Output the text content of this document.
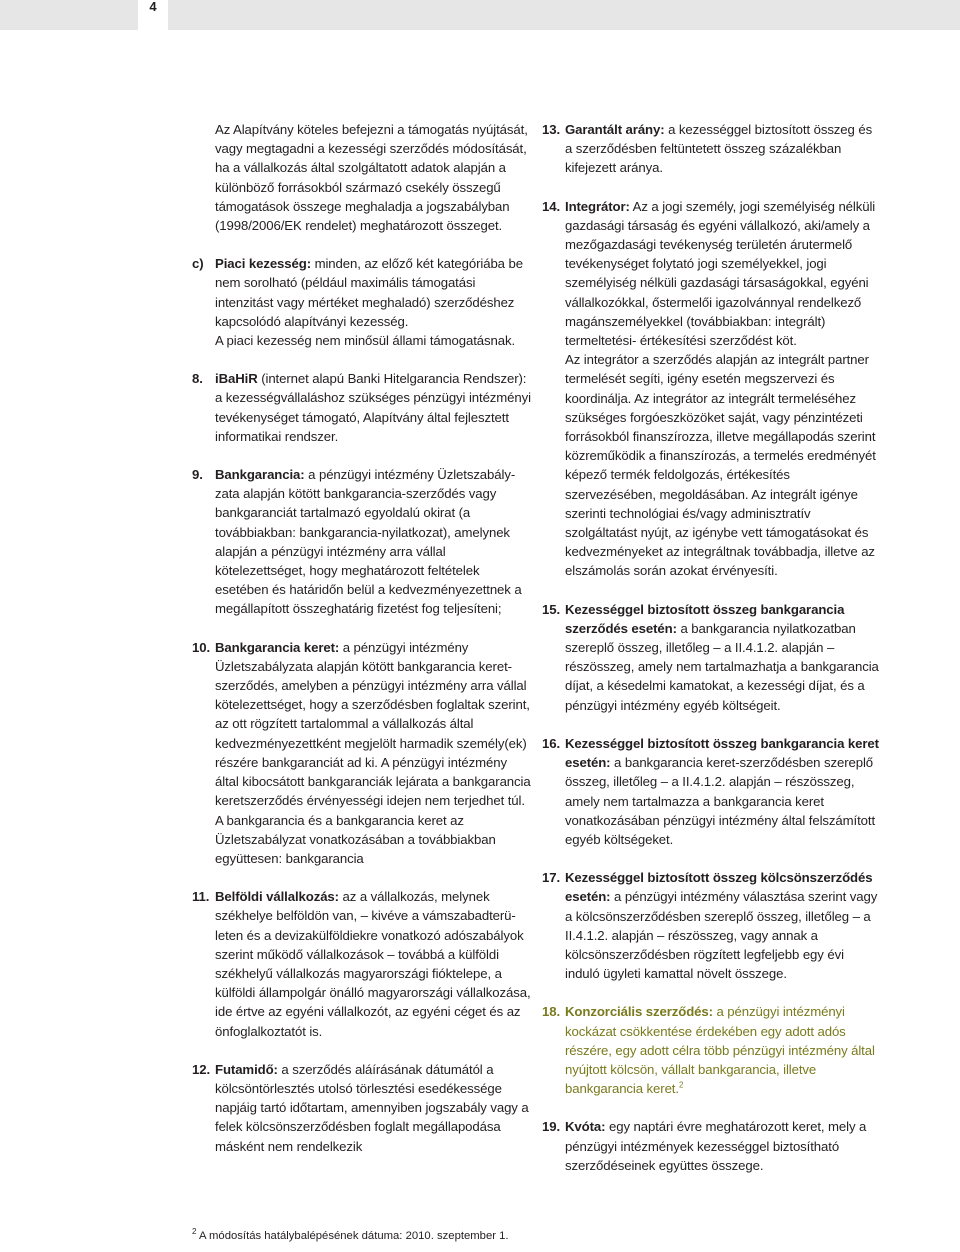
4

Az Alapítvány köteles befejezni a támogatás nyújtását, vagy megtagadni a kezességi szerződés módosítását, ha a vállalkozás által szolgáltatott adatok alapján a különböző forrásokból származó csekély összegű támogatások összege meghaladja a jogszabályban (1998/2006/EK rendelet) meghatározott összeget.

c) Piaci kezesség: minden, az előző két kategóriába be nem sorolható (például maximális támogatási intenzitást vagy mértéket meghaladó) szerződéshez kapcsolódó alapítványi kezesség.

A piaci kezesség nem minősül állami támogatásnak.

8. iBaHiR (internet alapú Banki Hitelgarancia Rendszer): a kezességvállaláshoz szükséges pénzügyi intézményi tevékenységet támogató, Alapítvány által fejlesztett informatikai rendszer.

9. Bankgarancia: a pénzügyi intézmény Üzletszabály-zata alapján kötött bankgarancia-szerződés vagy bankgaranciát tartalmazó egyoldalú okirat (a továbbiakban: bankgarancia-nyilatkozat), amelynek alapján a pénzügyi intézmény arra vállal kötelezettséget, hogy meghatározott feltételek esetében és határidőn belül a kedvezményezettnek a megállapított összeghatárig fizetést fog teljesíteni;

10. Bankgarancia keret: a pénzügyi intézmény Üzletszabályzata alapján kötött bankgarancia keret-szerződés, amelyben a pénzügyi intézmény arra vállal kötelezettséget, hogy a szerződésben foglaltak szerint, az ott rögzített tartalommal a vállalkozás által kedvezményezettként megjelölt harmadik személy(ek) részére bankgaranciát ad ki. A pénzügyi intézmény által kibocsátott bankgaranciák lejárata a bankgarancia keretszerződés érvényességi idejen nem terjedhet túl.

A bankgarancia és a bankgarancia keret az Üzletszabályzat vonatkozásában a továbbiakban együttesen: bankgarancia

11. Belföldi vállalkozás: az a vállalkozás, melynek székhelye belföldön van, – kivéve a vámszabadterü-leten és a devizakülföldiekre vonatkozó adószabályok szerint működő vállalkozások – továbbá a külföldi székhelyű vállalkozás magyarországi fióktelepe, a külföldi állampolgár önálló magyarországi vállalkozása, ide értve az egyéni vállalkozót, az egyéni céget és az önfoglalkoztatót is.

12. Futamidő: a szerződés aláírásának dátumától a kölcsöntörlesztés utolsó törlesztési esedékessége napjáig tartó időtartam, amennyiben jogszabály vagy a felek kölcsönszerződésben foglalt megállapodása másként nem rendelkezik

13. Garantált arány: a kezességgel biztosított összeg és a szerződésben feltüntetett összeg százalékban kifejezett aránya.

14. Integrátor: Az a jogi személy, jogi személyiség nélküli gazdasági társaság és egyéni vállalkozó, aki/amely a mezőgazdasági tevékenység területén árutermelő tevékenységet folytató jogi személyekkel, jogi személyiség nélküli gazdasági társaságokkal, egyéni vállalkozókkal, őstermelői igazolvánnyal rendelkező magánszemélyekkel (továbbiakban: integrált) termeltetési- értékesítési szerződést köt.

Az integrátor a szerződés alapján az integrált partner termelését segíti, igény esetén megszervezi és koordinálja. Az integrátor az integrált termeléséhez szükséges forgóeszközöket saját, vagy pénzintézeti forrásokból finanszírozza, illetve megállapodás szerint közreműködik a finanszírozás, a termelés eredményét képező termék feldolgozás, értékesítés szervezésében, megoldásában. Az integrált igénye szerinti technológiai és/vagy adminisztratív szolgáltatást nyújt, az igénybe vett támogatásokat és kedvezményeket az integráltnak továbbadja, illetve az elszámolás során azokat érvényesíti.

15. Kezességgel biztosított összeg bankgarancia szerződés esetén: a bankgarancia nyilatkozatban szereplő összeg, illetőleg – a II.4.1.2. alapján – részösszeg, amely nem tartalmazhatja a bankgarancia díjat, a késedelmi kamatokat, a kezességi díjat, és a pénzügyi intézmény egyéb költségeit.

16. Kezességgel biztosított összeg bankgarancia keret esetén: a bankgarancia keret-szerződésben szereplő összeg, illetőleg – a II.4.1.2. alapján – részösszeg, amely nem tartalmazza a bankgarancia keret vonatkozásában pénzügyi intézmény által felszámított egyéb költségeket.

17. Kezességgel biztosított összeg kölcsönszerződés esetén: a pénzügyi intézmény választása szerint vagy a kölcsönszerződésben szereplő összeg, illetőleg – a II.4.1.2. alapján – részösszeg, vagy annak a kölcsönszerződésben rögzített legfeljebb egy évi induló ügyleti kamattal növelt összege.

18. Konzorciális szerződés: a pénzügyi intézményi kockázat csökkentése érdekében egy adott adós részére, egy adott célra több pénzügyi intézmény által nyújtott kölcsön, vállalt bankgarancia, illetve bankgarancia keret.$^2$

19. Kvóta: egy naptári évre meghatározott keret, mely a pénzügyi intézmények kezességgel biztosítható szerződéseinek együttes összege.

$^2$ A módosítás hatálybalépésének dátuma: 2010. szeptember 1.
